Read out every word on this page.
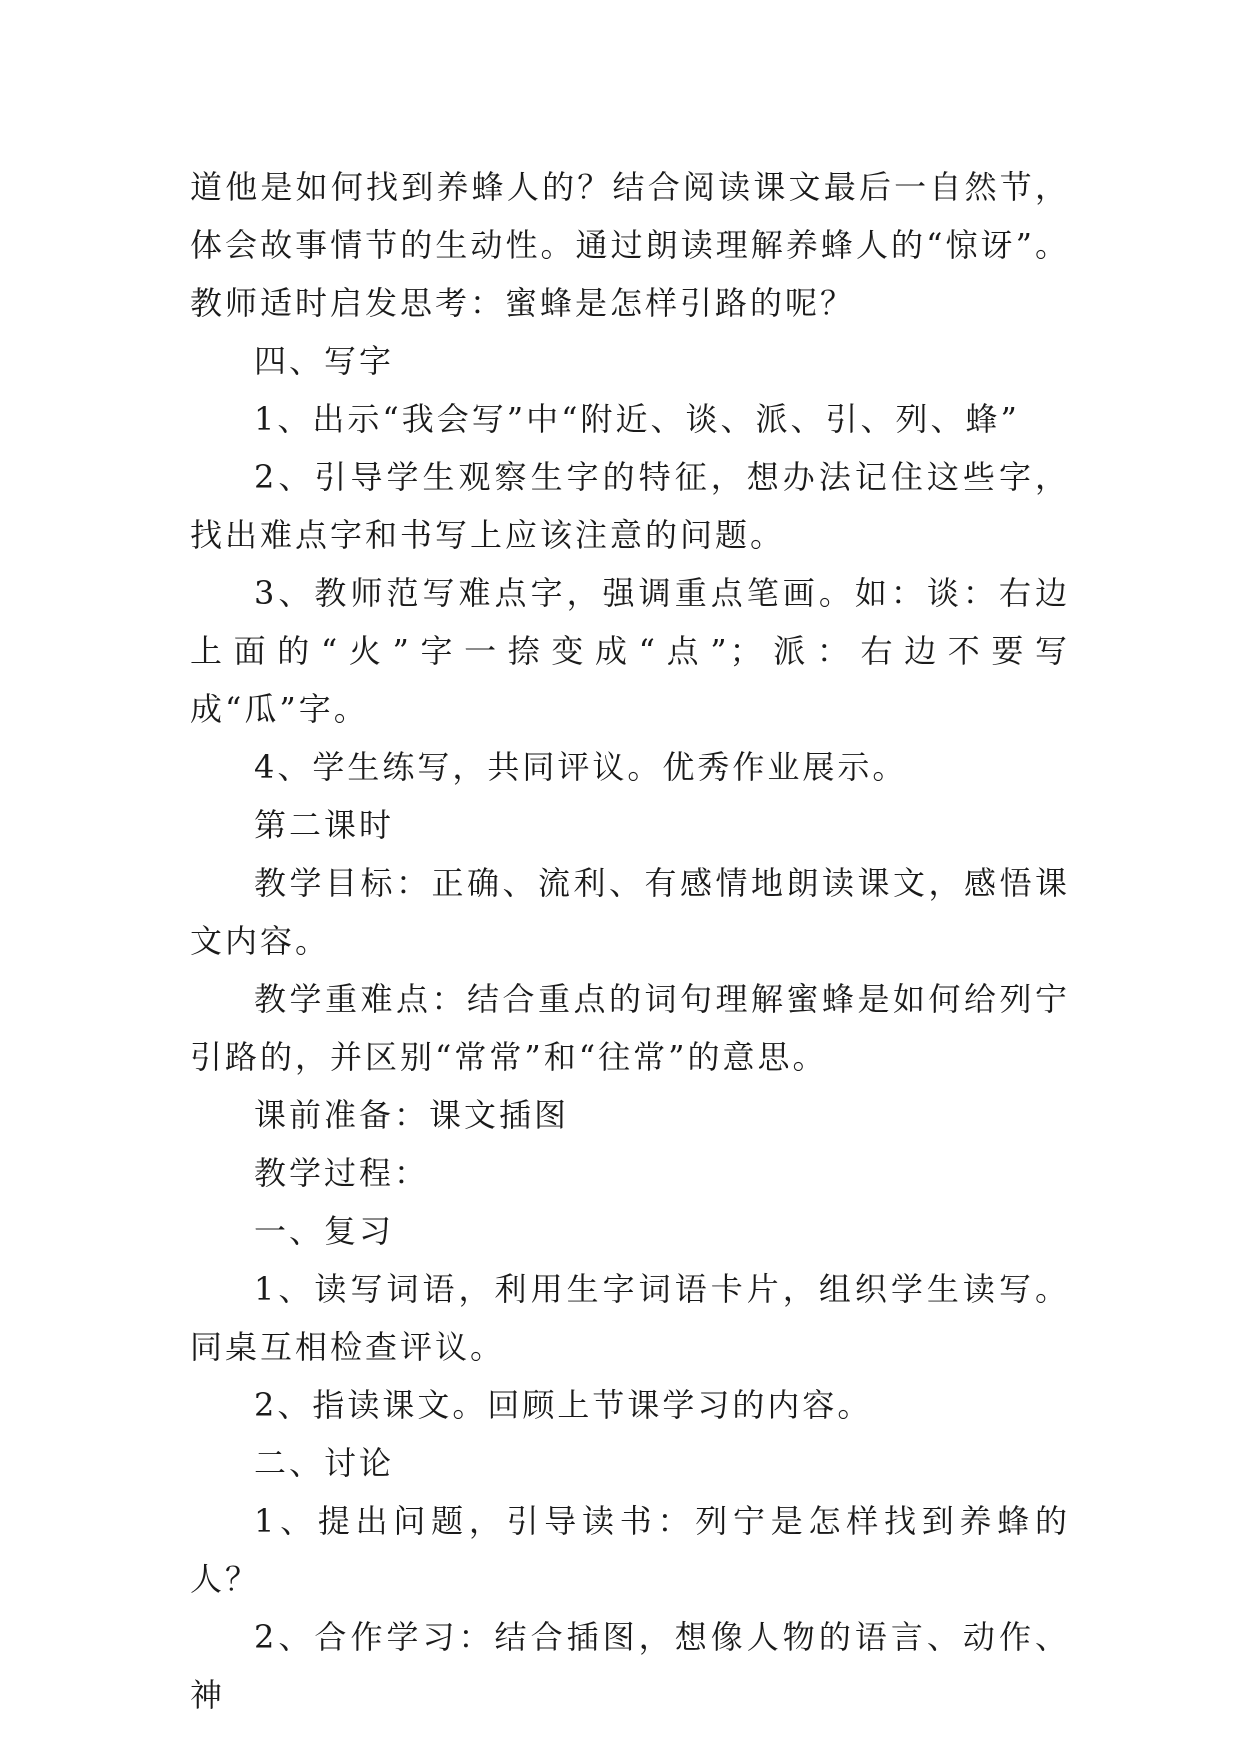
道他是如何找到养蜂人的？结合阅读课文最后一自然节，体会故事情节的生动性。通过朗读理解养蜂人的“惊讶”。教师适时启发思考：蜜蜂是怎样引路的呢？

四、写字

1、出示“我会写”中“附近、谈、派、引、列、蜂”

2、引导学生观察生字的特征，想办法记住这些字，找出难点字和书写上应该注意的问题。

3、教师范写难点字，强调重点笔画。如：谈：右边上面的“火”字一捺变成“点”；派：右边不要写成“瓜”字。

4、学生练写，共同评议。优秀作业展示。

第二课时

教学目标：正确、流利、有感情地朗读课文，感悟课文内容。

教学重难点：结合重点的词句理解蜜蜂是如何给列宁引路的，并区别“常常”和“往常”的意思。

课前准备：课文插图

教学过程：

一、复习

1、读写词语，利用生字词语卡片，组织学生读写。同桌互相检查评议。

2、指读课文。回顾上节课学习的内容。

二、讨论

1、提出问题，引导读书：列宁是怎样找到养蜂的人？

2、合作学习：结合插图，想像人物的语言、动作、神
